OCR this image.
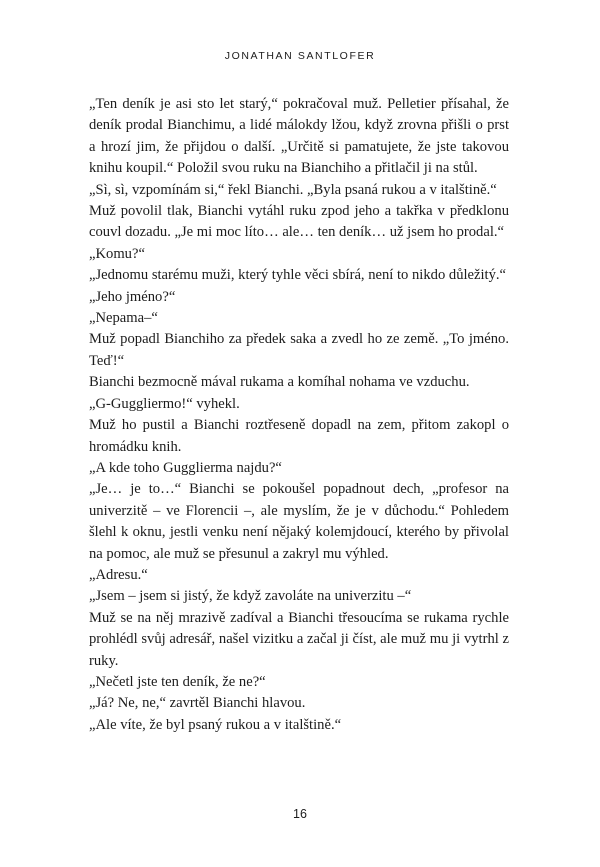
JONATHAN SANTLOFER

„Ten deník je asi sto let starý,“ pokračoval muž. Pelletier přísahal, že deník prodal Bianchimu, a lidé málokdy lžou, když zrovna přišli o prst a hrozí jim, že přijdou o další. „Určitě si pamatujete, že jste takovou knihu koupil.“ Položil svou ruku na Bianchiho a přitlačil ji na stůl.

„Sì, sì, vzpomínám si,“ řekl Bianchi. „Byla psaná rukou a v italštině.“

Muž povolil tlak, Bianchi vytáhl ruku zpod jeho a takřka v předklonu couvl dozadu. „Je mi moc líto… ale… ten deník… už jsem ho prodal.“

„Komu?“

„Jednomu starému muži, který tyhle věci sbírá, není to nikdo důležitý.“

„Jeho jméno?“

„Nepama–“

Muž popadl Bianchiho za předek saka a zvedl ho ze země. „To jméno. Teď!“

Bianchi bezmocně mával rukama a komíhal nohama ve vzduchu.

„G-Guggliermo!“ vyhekl.

Muž ho pustil a Bianchi roztřeseně dopadl na zem, přitom zakopl o hromádku knih.

„A kde toho Guggliermа najdu?“

„Je… je to…“ Bianchi se pokoušel popadnout dech, „profesor na univerzitě – ve Florencii –, ale myslím, že je v důchodu.“ Pohledem šlehl k oknu, jestli venku není nějaký kolemjdoucí, kterého by přivolal na pomoc, ale muž se přesunul a zakryl mu výhled.

„Adresu.“

„Jsem – jsem si jistý, že když zavoláte na univerzitu –“

Muž se na něj mrazivě zadíval a Bianchi třesoucíma se rukama rychle prohlédl svůj adresář, našel vizitku a začal ji číst, ale muž mu ji vytrhl z ruky.

„Nečetl jste ten deník, že ne?“

„Já? Ne, ne,“ zavrtěl Bianchi hlavou.

„Ale víte, že byl psaný rukou a v italštině.“

16
